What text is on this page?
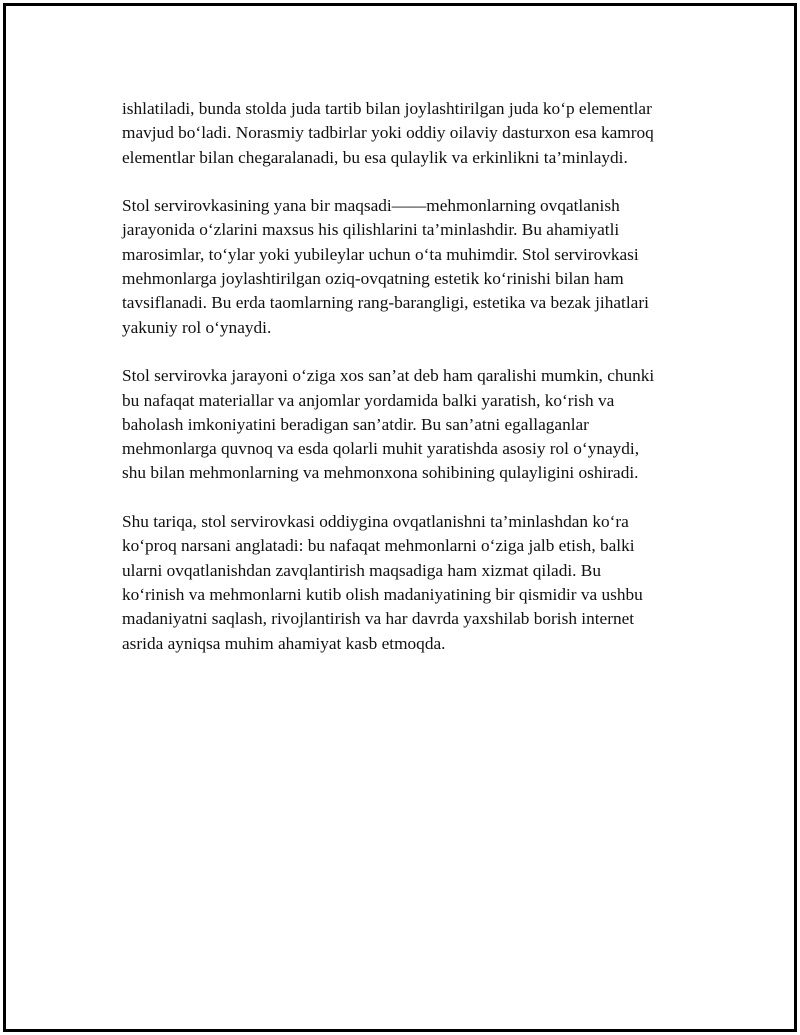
ishlatiladi, bunda stolda juda tartib bilan joylashtirilgan juda ko‘p elementlar
mavjud bo‘ladi. Norasmiy tadbirlar yoki oddiy oilaviy dasturxon esa kamroq
elementlar bilan chegaralanadi, bu esa qulaylik va erkinlikni ta’minlaydi.

Stol servirovkasining yana bir maqsadi——mehmonlarning ovqatlanish
jarayonida o‘zlarini maxsus his qilishlarini ta’minlashdir. Bu ahamiyatli
marosimlar, to‘ylar yoki yubileylar uchun o‘ta muhimdir. Stol servirovkasi
mehmonlarga joylashtirilgan oziq-ovqatning estetik ko‘rinishi bilan ham
tavsiflanadi. Bu erda taomlarning rang-barangligi, estetika va bezak jihatlari
yakuniy rol o‘ynaydi.

Stol servirovka jarayoni o‘ziga xos san’at deb ham qaralishi mumkin, chunki
bu nafaqat materiallar va anjomlar yordamida balki yaratish, ko‘rish va
baholash imkoniyatini beradigan san’atdir. Bu san’atni egallaganlar
mehmonlarga quvnoq va esda qolarli muhit yaratishda asosiy rol o‘ynaydi,
shu bilan mehmonlarning va mehmonxona sohibining qulayligini oshiradi.

Shu tariqa, stol servirovkasi oddiygina ovqatlanishni ta’minlashdan ko‘ra
ko‘proq narsani anglatadi: bu nafaqat mehmonlarni o‘ziga jalb etish, balki
ularni ovqatlanishdan zavqlantirish maqsadiga ham xizmat qiladi. Bu
ko‘rinish va mehmonlarni kutib olish madaniyatining bir qismidir va ushbu
madaniyatni saqlash, rivojlantirish va har davrda yaxshilab borish internet
asrida ayniqsa muhim ahamiyat kasb etmoqda.
